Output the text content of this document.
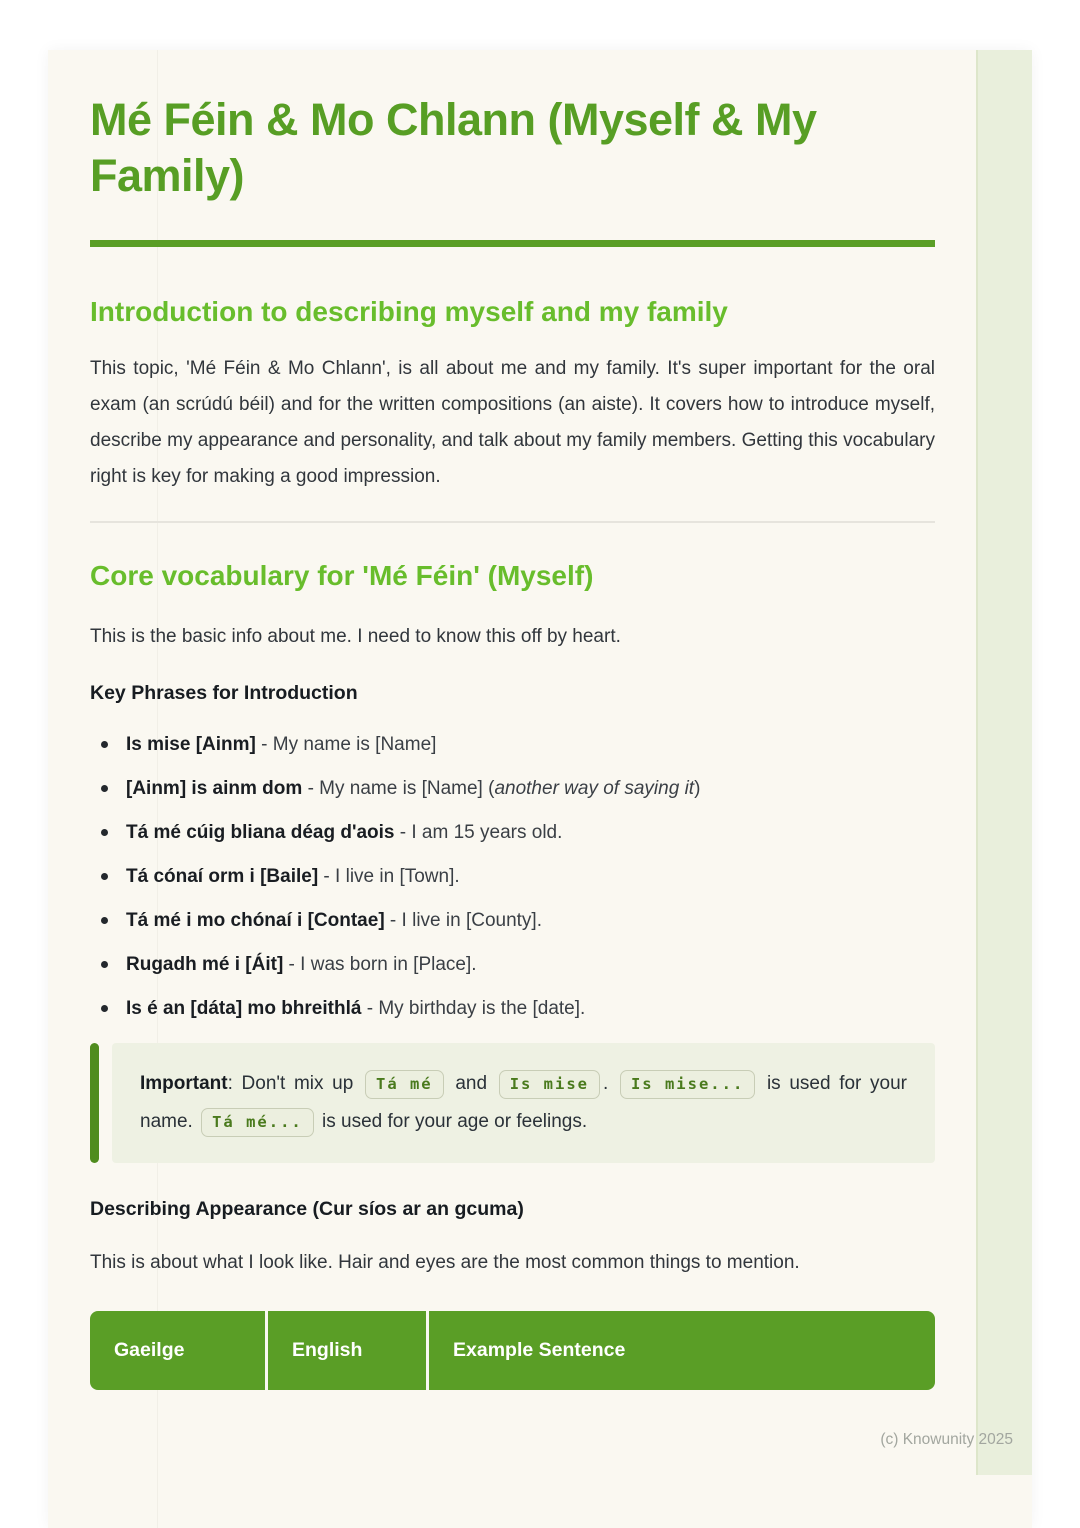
Mé Féin & Mo Chlann (Myself & My Family)
Introduction to describing myself and my family

This topic, 'Mé Féin & Mo Chlann', is all about me and my family. It's super important for the oral exam (an scrúdú béil) and for the written compositions (an aiste). It covers how to introduce myself, describe my appearance and personality, and talk about my family members. Getting this vocabulary right is key for making a good impression.

Core vocabulary for 'Mé Féin' (Myself)

This is the basic info about me. I need to know this off by heart.

Key Phrases for Introduction
Is mise [Ainm] - My name is [Name]
[Ainm] is ainm dom - My name is [Name] (another way of saying it)
Tá mé cúig bliana déag d'aois - I am 15 years old.
Tá cónaí orm i [Baile] - I live in [Town].
Tá mé i mo chónaí i [Contae] - I live in [County].
Rugadh mé i [Áit] - I was born in [Place].
Is é an [dáta] mo bhreithlá - My birthday is the [date].
Important: Don't mix up Tá mé and Is mise . Is mise... is used for your name. Tá mé... is used for your age or feelings.
Describing Appearance (Cur síos ar an gcuma)

This is about what I look like. Hair and eyes are the most common things to mention.

Gaeilge	English	Example Sentence
(c) Knowunity 2025
